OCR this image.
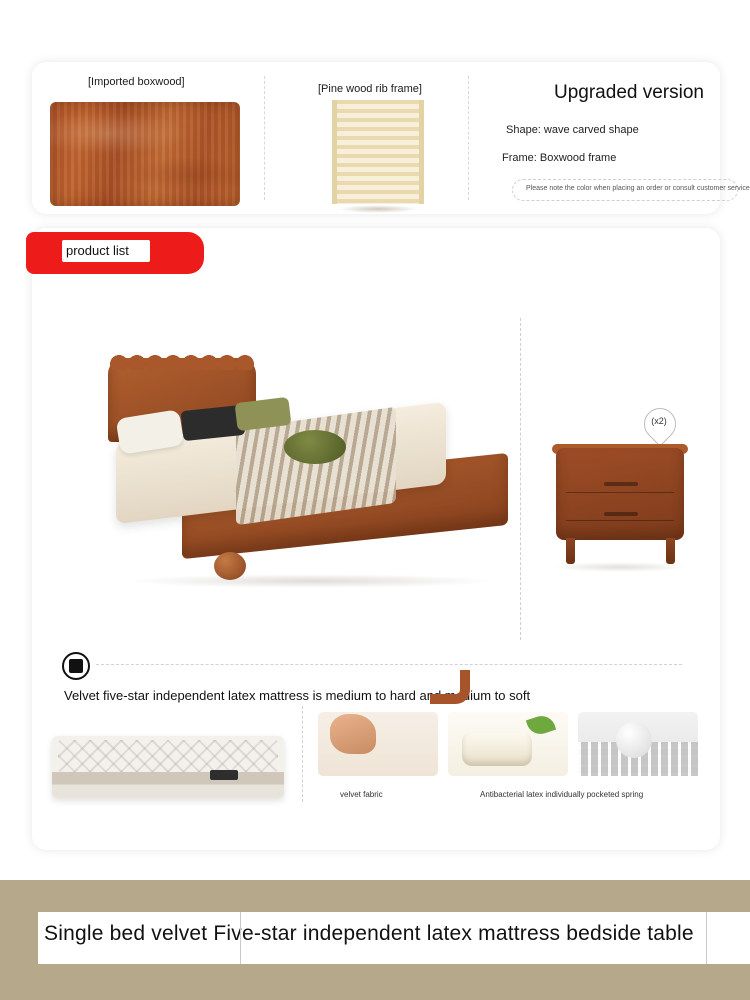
[Imported boxwood]
[Pine wood rib frame]	Upgraded version
Shape: wave carved shape
Frame: Boxwood frame
Please note the color when placing an order or consult customer service
product list
(x2)
Velvet five-star independent latex mattress is medium to hard and medium to soft
velvet fabric	Antibacterial latex individually pocketed spring
Single bed velvet Five-star independent latex mattress bedside table
